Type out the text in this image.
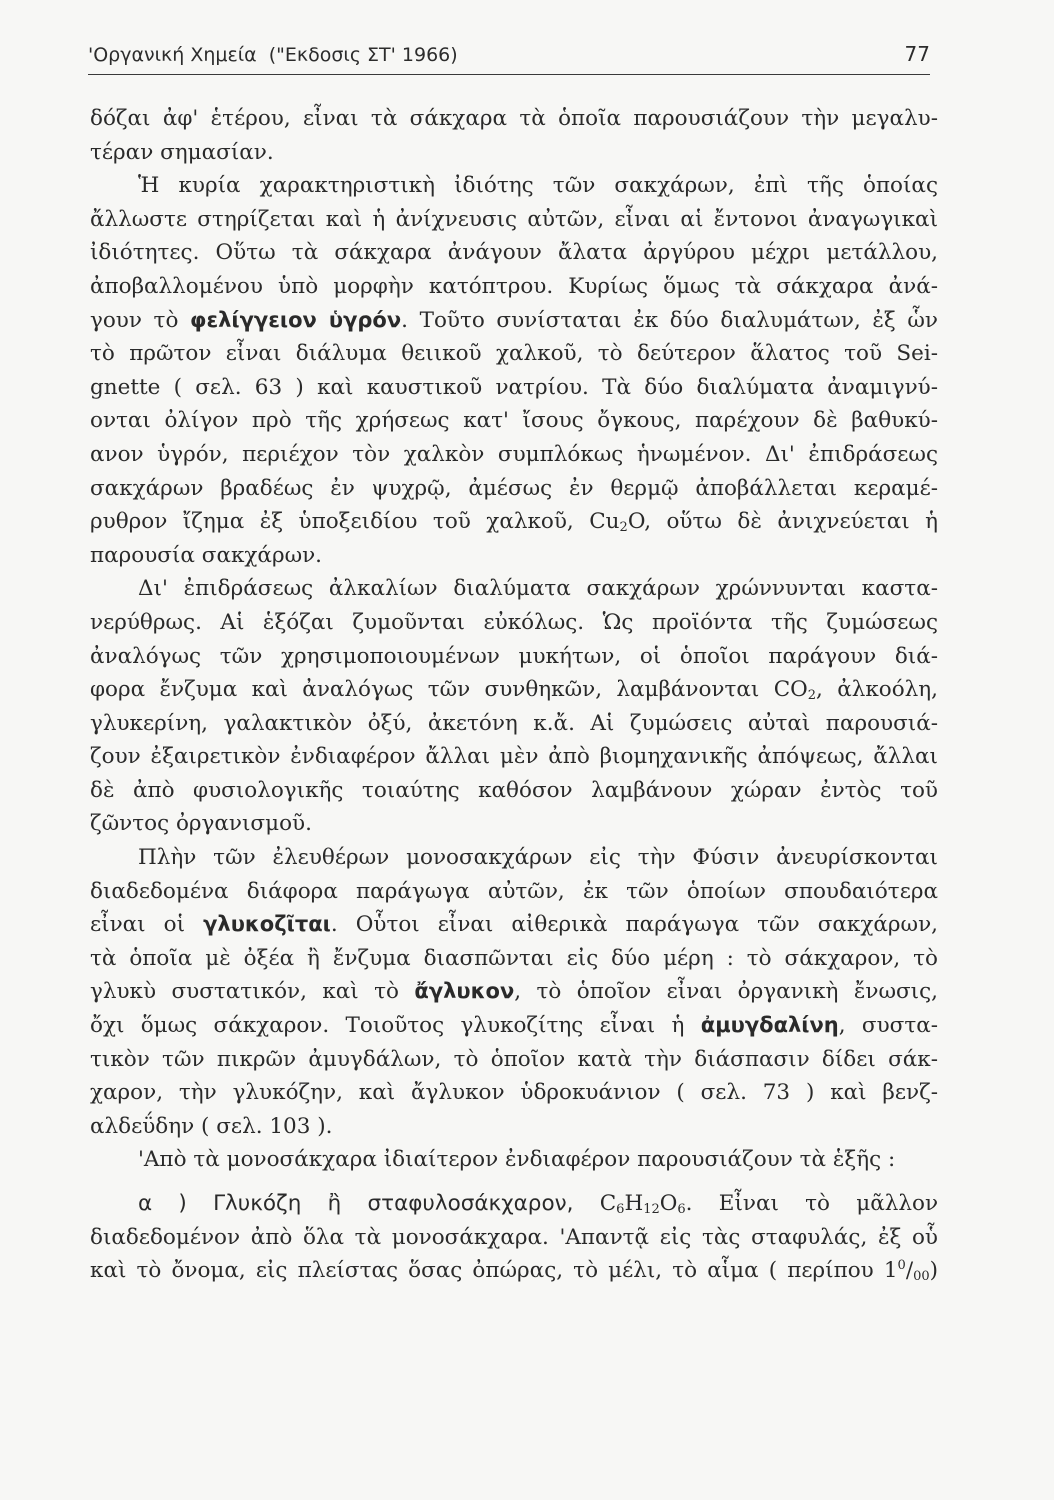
'Οργανική Χημεία ("Εκδοσις ΣΤ' 1966)	77
δόζαι ἀφ' ἑτέρου, εἶναι τὰ σάκχαρα τὰ ὁποῖα παρουσιάζουν τὴν μεγαλυ-
τέραν σημασίαν.
Ἡ κυρία χαρακτηριστικὴ ἰδιότης τῶν σακχάρων, ἐπὶ τῆς ὁποίας
ἄλλωστε στηρίζεται καὶ ἡ ἀνίχνευσις αὐτῶν, εἶναι αἱ ἔντονοι ἀναγωγικαὶ
ἰδιότητες. Οὕτω τὰ σάκχαρα ἀνάγουν ἄλατα ἀργύρου μέχρι μετάλλου,
ἀποβαλλομένου ὑπὸ μορφὴν κατόπτρου. Κυρίως ὅμως τὰ σάκχαρα ἀνά-
γουν τὸ φελίγγειον ὑγρόν. Τοῦτο συνίσταται ἐκ δύο διαλυμάτων, ἐξ ὧν
τὸ πρῶτον εἶναι διάλυμα θειικοῦ χαλκοῦ, τὸ δεύτερον ἅλατος τοῦ Sei-
gnette ( σελ. 63 ) καὶ καυστικοῦ νατρίου. Τὰ δύο διαλύματα ἀναμιγνύ-
ονται ὀλίγον πρὸ τῆς χρήσεως κατ' ἴσους ὄγκους, παρέχουν δὲ βαθυκύ-
ανον ὑγρόν, περιέχον τὸν χαλκὸν συμπλόκως ἡνωμένον. Δι' ἐπιδράσεως
σακχάρων βραδέως ἐν ψυχρῷ, ἀμέσως ἐν θερμῷ ἀποβάλλεται κεραμέ-
ρυθρον ἴζημα ἐξ ὑποξειδίου τοῦ χαλκοῦ, $Cu_2O$, οὕτω δὲ ἀνιχνεύεται ἡ
παρουσία σακχάρων.
Δι' ἐπιδράσεως ἀλκαλίων διαλύματα σακχάρων χρώννυνται καστα-
νερύθρως. Αἱ ἑξόζαι ζυμοῦνται εὐκόλως. Ὡς προϊόντα τῆς ζυμώσεως
ἀναλόγως τῶν χρησιμοποιουμένων μυκήτων, οἱ ὁποῖοι παράγουν διά-
φορα ἔνζυμα καὶ ἀναλόγως τῶν συνθηκῶν, λαμβάνονται $CO_2$, ἀλκοόλη,
γλυκερίνη, γαλακτικὸν ὀξύ, ἀκετόνη κ.ἄ. Αἱ ζυμώσεις αὐταὶ παρουσιά-
ζουν ἐξαιρετικὸν ἐνδιαφέρον ἄλλαι μὲν ἀπὸ βιομηχανικῆς ἀπόψεως, ἄλλαι
δὲ ἀπὸ φυσιολογικῆς τοιαύτης καθόσον λαμβάνουν χώραν ἐντὸς τοῦ
ζῶντος ὀργανισμοῦ.
Πλὴν τῶν ἐλευθέρων μονοσακχάρων εἰς τὴν Φύσιν ἀνευρίσκονται
διαδεδομένα διάφορα παράγωγα αὐτῶν, ἐκ τῶν ὁποίων σπουδαιότερα
εἶναι οἱ γλυκοζῖται. Οὗτοι εἶναι αἰθερικὰ παράγωγα τῶν σακχάρων,
τὰ ὁποῖα μὲ ὀξέα ἢ ἔνζυμα διασπῶνται εἰς δύο μέρη : τὸ σάκχαρον, τὸ
γλυκὺ συστατικόν, καὶ τὸ ἄγλυκον, τὸ ὁποῖον εἶναι ὀργανικὴ ἔνωσις,
ὄχι ὅμως σάκχαρον. Τοιοῦτος γλυκοζίτης εἶναι ἡ ἀμυγδαλίνη, συστα-
τικὸν τῶν πικρῶν ἀμυγδάλων, τὸ ὁποῖον κατὰ τὴν διάσπασιν δίδει σάκ-
χαρον, τὴν γλυκόζην, καὶ ἄγλυκον ὑδροκυάνιον ( σελ. 73 ) καὶ βενζ-
αλδεΰδην ( σελ. 103 ).
'Απὸ τὰ μονοσάκχαρα ἰδιαίτερον ἐνδιαφέρον παρουσιάζουν τὰ ἑξῆς :
α ) Γλυκόζη ἢ σταφυλοσάκχαρον, $C_6H_{12}O_6$. Εἶναι τὸ μᾶλλον
διαδεδομένον ἀπὸ ὅλα τὰ μονοσάκχαρα. 'Απαντᾷ εἰς τὰς σταφυλάς, ἐξ οὗ
καὶ τὸ ὄνομα, εἰς πλείστας ὅσας ὀπώρας, τὸ μέλι, τὸ αἷμα ( περίπου $1^0/_{00}$)
